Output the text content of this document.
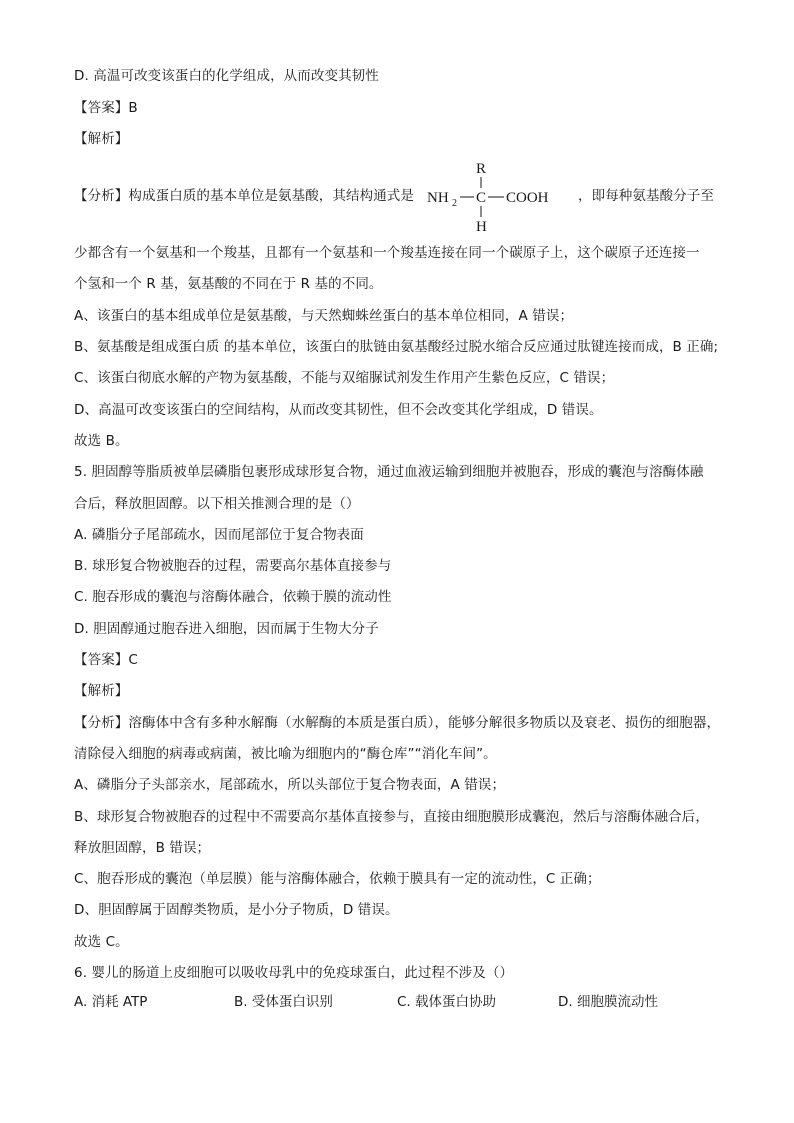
D. 高温可改变该蛋白的化学组成，从而改变其韧性
【答案】B
【解析】
【分析】构成蛋白质的基本单位是氨基酸，其结构通式是
R
NH 2 C COOH
H
，即每种氨基酸分子至
少都含有一个氨基和一个羧基，且都有一个氨基和一个羧基连接在同一个碳原子上，这个碳原子还连接一
个氢和一个 R 基，氨基酸的不同在于 R 基的不同。
A、该蛋白的基本组成单位是氨基酸，与天然蜘蛛丝蛋白的基本单位相同，A 错误；
B、氨基酸是组成蛋白质 的基本单位，该蛋白的肽链由氨基酸经过脱水缩合反应通过肽键连接而成，B 正确;
C、该蛋白彻底水解的产物为氨基酸，不能与双缩脲试剂发生作用产生紫色反应，C 错误；
D、高温可改变该蛋白的空间结构，从而改变其韧性，但不会改变其化学组成，D 错误。
故选 B。
5. 胆固醇等脂质被单层磷脂包裹形成球形复合物，通过血液运输到细胞并被胞吞，形成的囊泡与溶酶体融
合后，释放胆固醇。以下相关推测合理的是（）
A. 磷脂分子尾部疏水，因而尾部位于复合物表面
B. 球形复合物被胞吞的过程，需要高尔基体直接参与
C. 胞吞形成的囊泡与溶酶体融合，依赖于膜的流动性
D. 胆固醇通过胞吞进入细胞，因而属于生物大分子
【答案】C
【解析】
【分析】溶酶体中含有多种水解酶（水解酶的本质是蛋白质），能够分解很多物质以及衰老、损伤的细胞器，
清除侵入细胞的病毒或病菌，被比喻为细胞内的“酶仓库”“消化车间”。
A、磷脂分子头部亲水，尾部疏水，所以头部位于复合物表面，A 错误；
B、球形复合物被胞吞的过程中不需要高尔基体直接参与，直接由细胞膜形成囊泡，然后与溶酶体融合后，
释放胆固醇，B 错误；
C、胞吞形成的囊泡（单层膜）能与溶酶体融合，依赖于膜具有一定的流动性，C 正确；
D、胆固醇属于固醇类物质，是小分子物质，D 错误。
故选 C。
6. 婴儿的肠道上皮细胞可以吸收母乳中的免疫球蛋白，此过程不涉及（）
A. 消耗 ATP	B. 受体蛋白识别	C. 载体蛋白协助	D. 细胞膜流动性
